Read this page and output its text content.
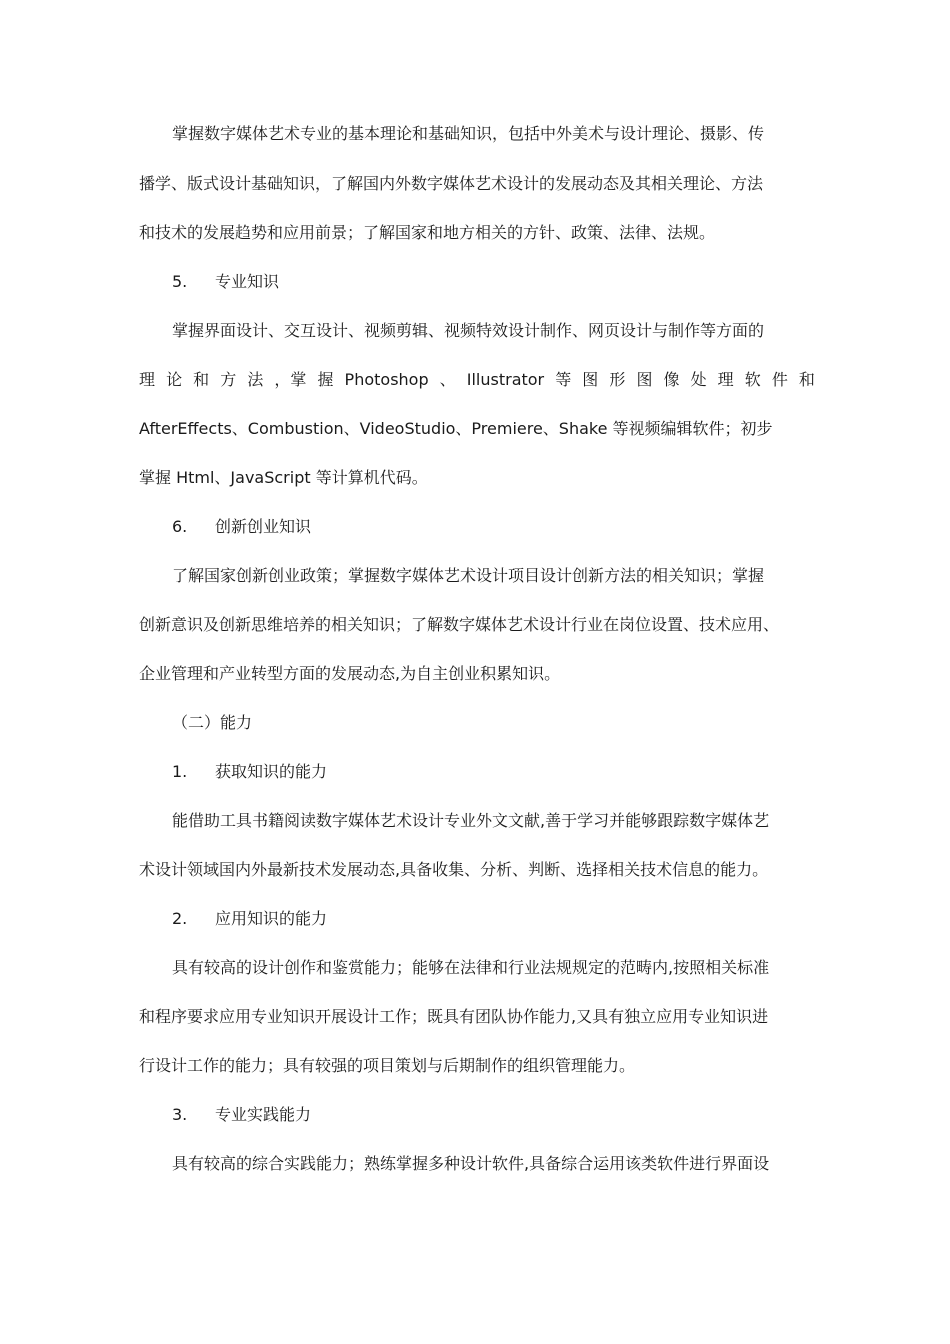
掌握数字媒体艺术专业的基本理论和基础知识，包括中外美术与设计理论、摄影、传
播学、版式设计基础知识，了解国内外数字媒体艺术设计的发展动态及其相关理论、方法
和技术的发展趋势和应用前景；了解国家和地方相关的方针、政策、法律、法规。
5. 专业知识
掌握界面设计、交互设计、视频剪辑、视频特效设计制作、网页设计与制作等方面的
理 论 和 方 法 ，掌 握 Photoshop 、 Illustrator 等 图 形 图 像 处 理 软 件 和
AfterEffects、Combustion、VideoStudio、Premiere、Shake 等视频编辑软件；初步
掌握 Html、JavaScript 等计算机代码。
6. 创新创业知识
了解国家创新创业政策；掌握数字媒体艺术设计项目设计创新方法的相关知识；掌握
创新意识及创新思维培养的相关知识；了解数字媒体艺术设计行业在岗位设置、技术应用、
企业管理和产业转型方面的发展动态,为自主创业积累知识。
（二）能力
1. 获取知识的能力
能借助工具书籍阅读数字媒体艺术设计专业外文文献,善于学习并能够跟踪数字媒体艺
术设计领域国内外最新技术发展动态,具备收集、分析、判断、选择相关技术信息的能力。
2. 应用知识的能力
具有较高的设计创作和鉴赏能力；能够在法律和行业法规规定的范畴内,按照相关标准
和程序要求应用专业知识开展设计工作；既具有团队协作能力,又具有独立应用专业知识进
行设计工作的能力；具有较强的项目策划与后期制作的组织管理能力。
3. 专业实践能力
具有较高的综合实践能力；熟练掌握多种设计软件,具备综合运用该类软件进行界面设
